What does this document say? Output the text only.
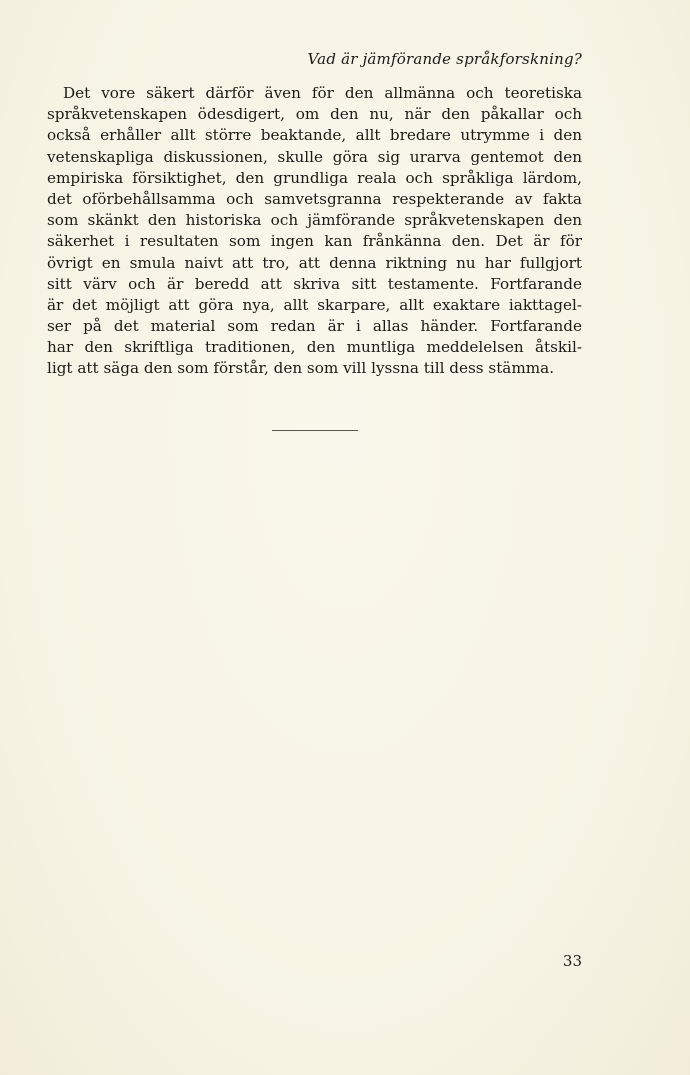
Vad är jämförande språkforskning?
Det vore säkert därför även för den allmänna och teoretiska
språkvetenskapen ödesdigert, om den nu, när den påkallar och
också erhåller allt större beaktande, allt bredare utrymme i den
vetenskapliga diskussionen, skulle göra sig urarva gentemot den
empiriska försiktighet, den grundliga reala och språkliga lärdom,
det oförbehållsamma och samvetsgranna respekterande av fakta
som skänkt den historiska och jämförande språkvetenskapen den
säkerhet i resultaten som ingen kan frånkänna den. Det är för
övrigt en smula naivt att tro, att denna riktning nu har fullgjort
sitt värv och är beredd att skriva sitt testamente. Fortfarande
är det möjligt att göra nya, allt skarpare, allt exaktare iakttagel-
ser på det material som redan är i allas händer. Fortfarande
har den skriftliga traditionen, den muntliga meddelelsen åtskil-
ligt att säga den som förstår, den som vill lyssna till dess stämma.
33
